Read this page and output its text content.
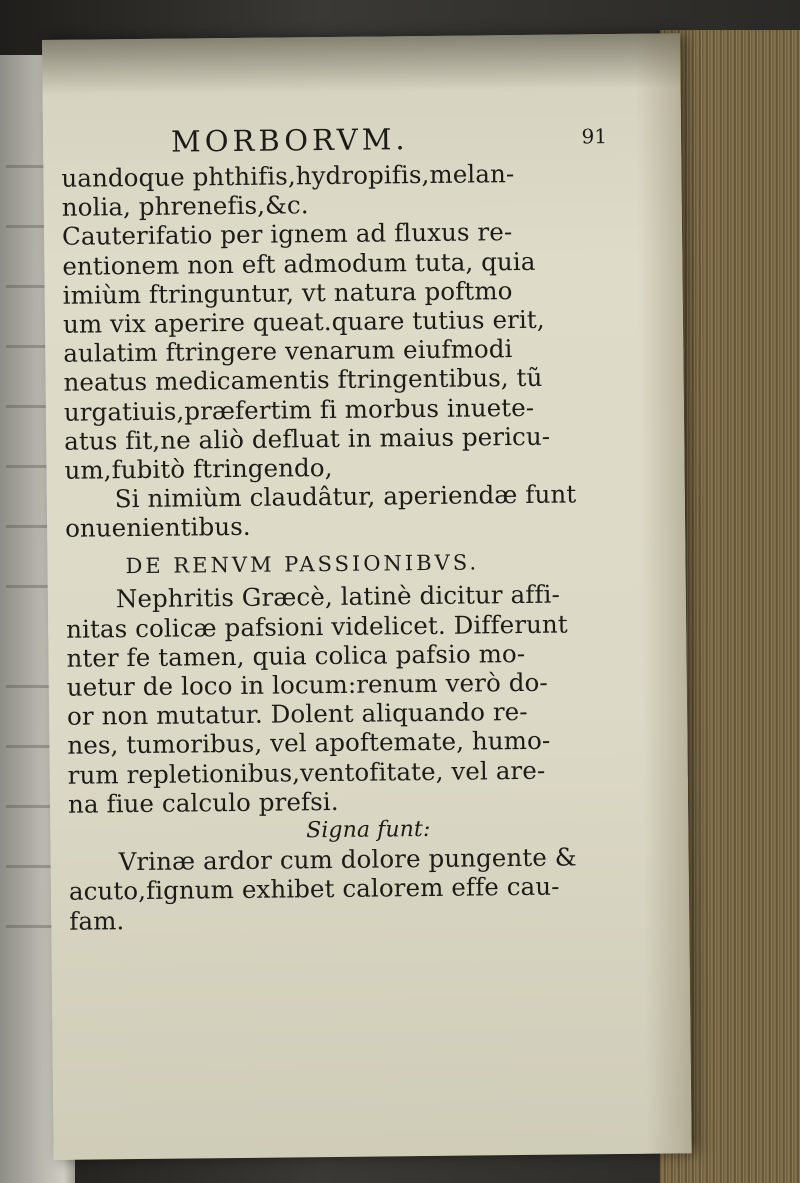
MORBORVM.	91
uandoque phthifis,hydropifis,melan-
nolia, phrenefis,&c.
Cauterifatio per ignem ad fluxus re-
entionem non eft admodum tuta, quia
imiùm ftringuntur, vt natura poftmo
um vix aperire queat.quare tutius erit,
aulatim ftringere venarum eiufmodi
neatus medicamentis ftringentibus, tũ
urgatiuis,præfertim fi morbus inuete-
atus fit,ne aliò defluat in maius pericu-
um,fubitò ftringendo,
Si nimiùm claudâtur, aperiendæ funt
onuenientibus.
DE RENVM PASSIONIBVS.
Nephritis Græcè, latinè dicitur affi-
nitas colicæ pafsioni videlicet. Differunt
nter fe tamen, quia colica pafsio mo-
uetur de loco in locum:renum verò do-
or non mutatur. Dolent aliquando re-
nes, tumoribus, vel apoftemate, humo-
rum repletionibus,ventofitate, vel are-
na fiue calculo prefsi.
Signa funt:
Vrinæ ardor cum dolore pungente &
acuto,fignum exhibet calorem effe cau-
fam.
